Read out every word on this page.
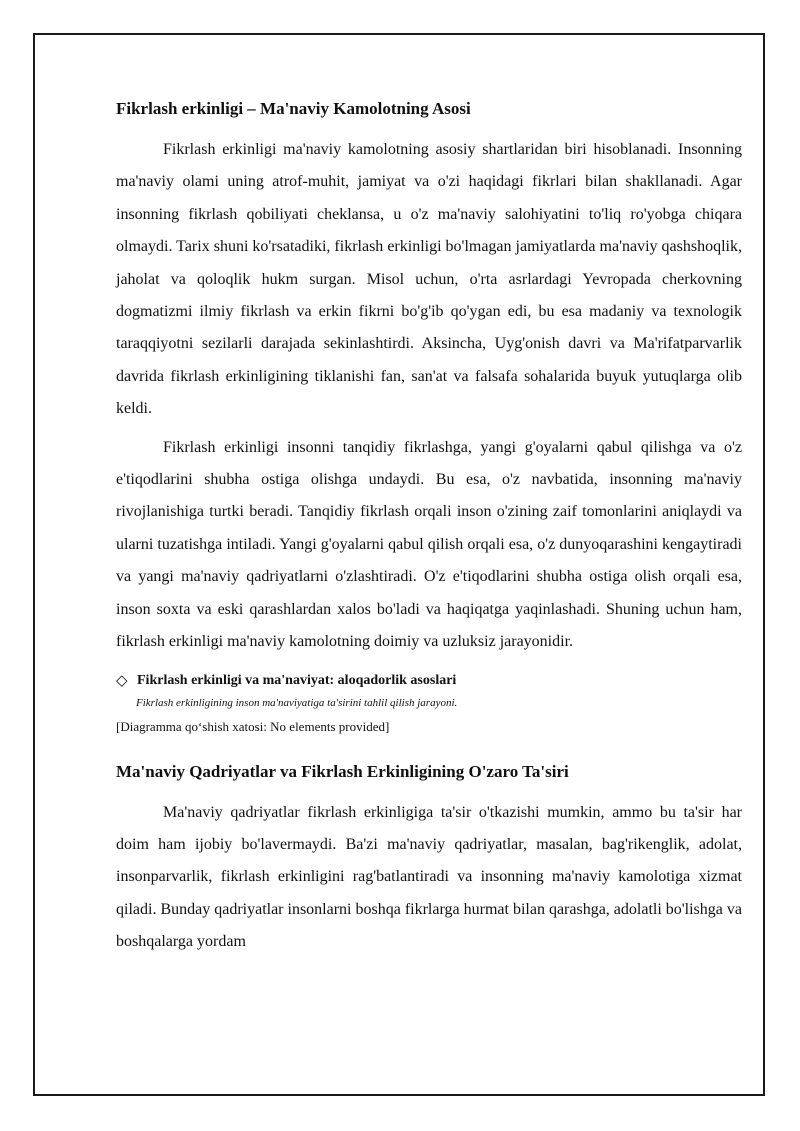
Fikrlash erkinligi – Ma'naviy Kamolotning Asosi

Fikrlash erkinligi ma'naviy kamolotning asosiy shartlaridan biri hisoblanadi. Insonning ma'naviy olami uning atrof-muhit, jamiyat va o'zi haqidagi fikrlari bilan shakllanadi. Agar insonning fikrlash qobiliyati cheklansa, u o'z ma'naviy salohiyatini to'liq ro'yobga chiqara olmaydi. Tarix shuni ko'rsatadiki, fikrlash erkinligi bo'lmagan jamiyatlarda ma'naviy qashshoqlik, jaholat va qoloqlik hukm surgan. Misol uchun, o'rta asrlardagi Yevropada cherkovning dogmatizmi ilmiy fikrlash va erkin fikrni bo'g'ib qo'ygan edi, bu esa madaniy va texnologik taraqqiyotni sezilarli darajada sekinlashtirdi. Aksincha, Uyg'onish davri va Ma'rifatparvarlik davrida fikrlash erkinligining tiklanishi fan, san'at va falsafa sohalarida buyuk yutuqlarga olib keldi.

Fikrlash erkinligi insonni tanqidiy fikrlashga, yangi g'oyalarni qabul qilishga va o'z e'tiqodlarini shubha ostiga olishga undaydi. Bu esa, o'z navbatida, insonning ma'naviy rivojlanishiga turtki beradi. Tanqidiy fikrlash orqali inson o'zining zaif tomonlarini aniqlaydi va ularni tuzatishga intiladi. Yangi g'oyalarni qabul qilish orqali esa, o'z dunyoqarashini kengaytiradi va yangi ma'naviy qadriyatlarni o'zlashtiradi. O'z e'tiqodlarini shubha ostiga olish orqali esa, inson soxta va eski qarashlardan xalos bo'ladi va haqiqatga yaqinlashadi. Shuning uchun ham, fikrlash erkinligi ma'naviy kamolotning doimiy va uzluksiz jarayonidir.

◇ Fikrlash erkinligi va ma'naviyat: aloqadorlik asoslari
Fikrlash erkinligining inson ma'naviyatiga ta'sirini tahlil qilish jarayoni.
[Diagramma qo‘shish xatosi: No elements provided]
Ma'naviy Qadriyatlar va Fikrlash Erkinligining O'zaro Ta'siri

Ma'naviy qadriyatlar fikrlash erkinligiga ta'sir o'tkazishi mumkin, ammo bu ta'sir har doim ham ijobiy bo'lavermaydi. Ba'zi ma'naviy qadriyatlar, masalan, bag'rikenglik, adolat, insonparvarlik, fikrlash erkinligini rag'batlantiradi va insonning ma'naviy kamolotiga xizmat qiladi. Bunday qadriyatlar insonlarni boshqa fikrlarga hurmat bilan qarashga, adolatli bo'lishga va boshqalarga yordam
